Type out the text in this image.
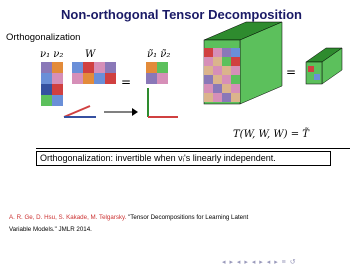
Non-orthogonal Tensor Decomposition
Orthogonalization
ν₁ ν₂ W	ν̃₁ ν̃₂
=
=
T(W, W, W) = T̃
Orthogonalization: invertible when νᵢ's linearly independent.
A. R. Ge, D. Hsu, S. Kakade, M. Telgarsky. "Tensor Decompositions for Learning Latent
Variable Models." JMLR 2014.
◂ ▸ ◂ ▸ ◂ ▸ ◂ ▸ ≡ ↺
